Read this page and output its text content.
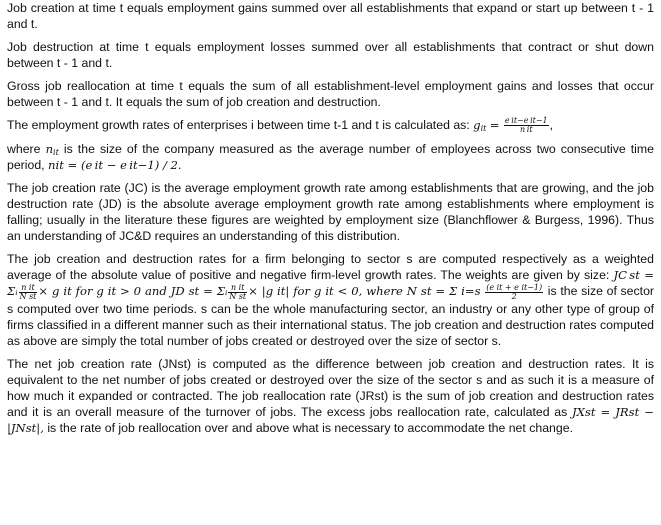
Job creation at time t equals employment gains summed over all establishments that expand or start up between t - 1 and t.

Job destruction at time t equals employment losses summed over all establishments that contract or shut down between t - 1 and t.

Gross job reallocation at time t equals the sum of all establishment-level employment gains and losses that occur between t - 1 and t. It equals the sum of job creation and destruction.

The employment growth rates of enterprises i between time t-1 and t is calculated as: $g_{it} = \frac{\text{e it−e it−1}}{\text{n it}}$ ,

where $n_{it}$ is the size of the company measured as the average number of employees across two consecutive time period, nit = (e it − e it−1) / 2.

The job creation rate (JC) is the average employment growth rate among establishments that are growing, and the job destruction rate (JD) is the absolute average employment growth rate among establishments where employment is falling; usually in the literature these figures are weighted by employment size (Blanchflower & Burgess, 1996). Thus an understanding of JC&D requires an understanding of this distribution.

The job creation and destruction rates for a firm belonging to sector s are computed respectively as a weighted average of the absolute value of positive and negative firm-level growth rates. The weights are given by size: JC st = Σᵢ $\frac{\text{n it}}{\text{N st}} \times g$ it for g it > 0 and JD st = Σᵢ $\frac{\text{n it}}{\text{N st}} \times |g$ it| for g it < 0, where N st = Σ $i=s \frac{\text{(e it + e it−1)}}{2}$ is the size of sector s computed over two time periods. s can be the whole manufacturing sector, an industry or any other type of group of firms classified in a different manner such as their international status. The job creation and destruction rates computed as above are simply the total number of jobs created or destroyed over the size of sector s.

The net job creation rate (JNst) is computed as the difference between job creation and destruction rates. It is equivalent to the net number of jobs created or destroyed over the size of the sector s and as such it is a measure of how much it expanded or contracted. The job reallocation rate (JRst) is the sum of job creation and destruction rates and it is an overall measure of the turnover of jobs. The excess jobs reallocation rate, calculated as JXst = JRst − |JNst|, is the rate of job reallocation over and above what is necessary to accommodate the net change.
